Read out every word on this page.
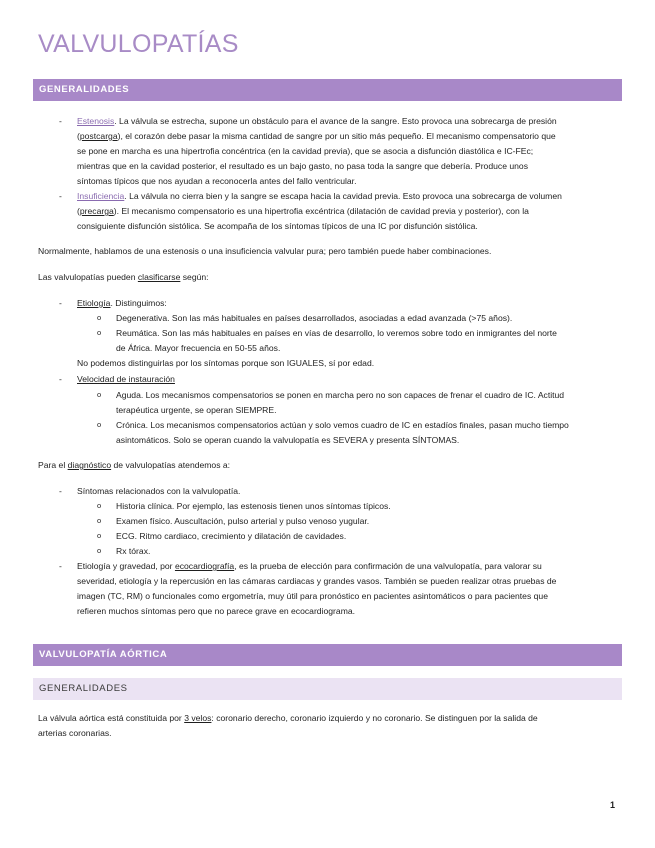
VALVULOPATÍAS
GENERALIDADES

- Estenosis. La válvula se estrecha, supone un obstáculo para el avance de la sangre. Esto provoca una sobrecarga de presión

(postcarga), el corazón debe pasar la misma cantidad de sangre por un sitio más pequeño. El mecanismo compensatorio que

se pone en marcha es una hipertrofia concéntrica (en la cavidad previa), que se asocia a disfunción diastólica e IC-FEc;

mientras que en la cavidad posterior, el resultado es un bajo gasto, no pasa toda la sangre que debería. Produce unos

síntomas típicos que nos ayudan a reconocerla antes del fallo ventricular.

- Insuficiencia. La válvula no cierra bien y la sangre se escapa hacia la cavidad previa. Esto provoca una sobrecarga de volumen

(precarga). El mecanismo compensatorio es una hipertrofia excéntrica (dilatación de cavidad previa y posterior), con la

consiguiente disfunción sistólica. Se acompaña de los síntomas típicos de una IC por disfunción sistólica.

Normalmente, hablamos de una estenosis o una insuficiencia valvular pura; pero también puede haber combinaciones.

Las valvulopatías pueden clasificarse según:

- Etiología. Distinguimos:

o Degenerativa. Son las más habituales en países desarrollados, asociadas a edad avanzada (>75 años).

o Reumática. Son las más habituales en países en vías de desarrollo, lo veremos sobre todo en inmigrantes del norte

de África. Mayor frecuencia en 50-55 años.

No podemos distinguirlas por los síntomas porque son IGUALES, sí por edad.

- Velocidad de instauración

o Aguda. Los mecanismos compensatorios se ponen en marcha pero no son capaces de frenar el cuadro de IC. Actitud

terapéutica urgente, se operan SIEMPRE.

o Crónica. Los mecanismos compensatorios actúan y solo vemos cuadro de IC en estadíos finales, pasan mucho tiempo

asintomáticos. Solo se operan cuando la valvulopatía es SEVERA y presenta SÍNTOMAS.

Para el diagnóstico de valvulopatías atendemos a:

- Síntomas relacionados con la valvulopatía.

o Historia clínica. Por ejemplo, las estenosis tienen unos síntomas típicos.

o Examen físico. Auscultación, pulso arterial y pulso venoso yugular.

o ECG. Ritmo cardiaco, crecimiento y dilatación de cavidades.

o Rx tórax.

- Etiología y gravedad, por ecocardiografía, es la prueba de elección para confirmación de una valvulopatía, para valorar su

severidad, etiología y la repercusión en las cámaras cardiacas y grandes vasos. También se pueden realizar otras pruebas de

imagen (TC, RM) o funcionales como ergometría, muy útil para pronóstico en pacientes asintomáticos o para pacientes que

refieren muchos síntomas pero que no parece grave en ecocardiograma.

VALVULOPATÍA AÓRTICA
GENERALIDADES

La válvula aórtica está constituida por 3 velos: coronario derecho, coronario izquierdo y no coronario. Se distinguen por la salida de

arterias coronarias.

1
